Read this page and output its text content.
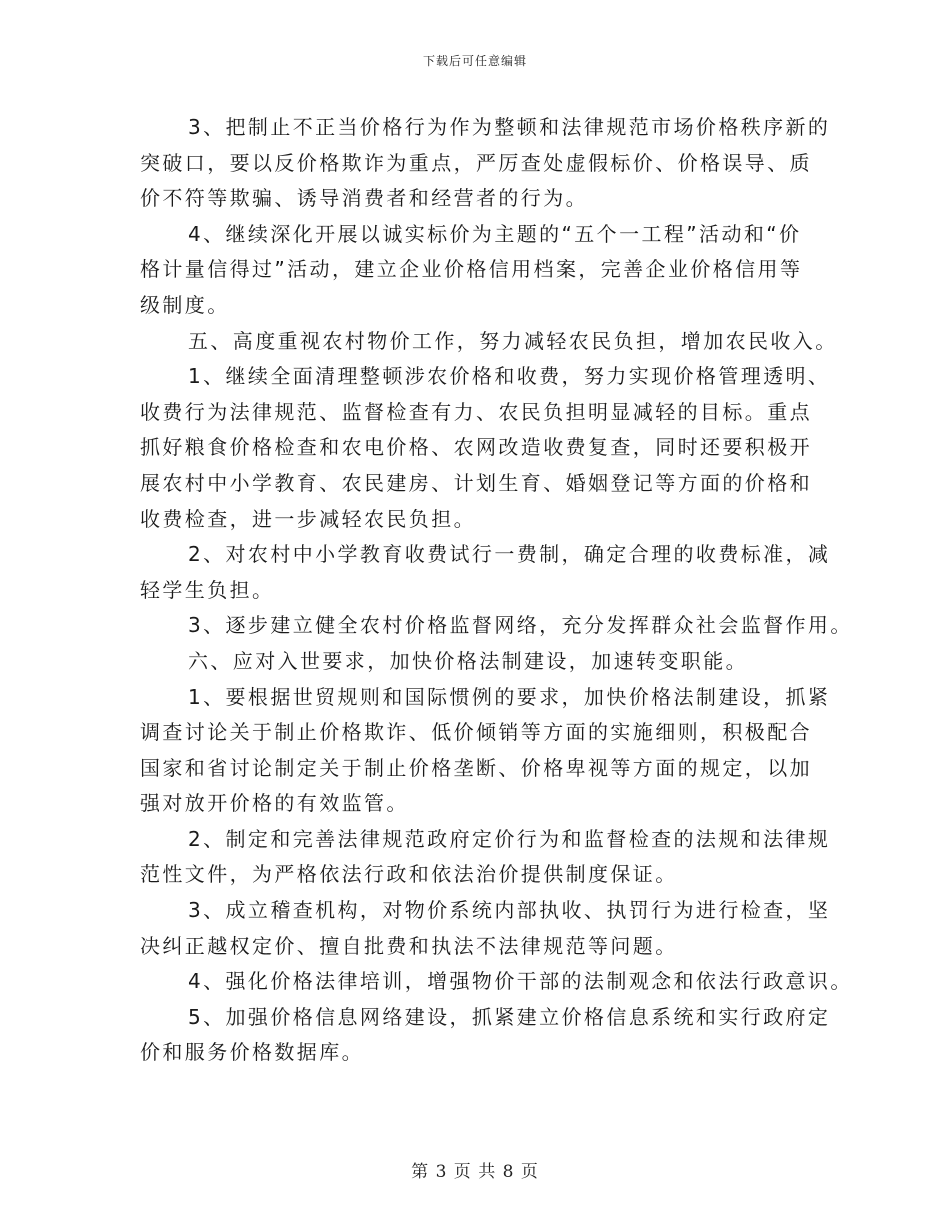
下载后可任意编辑
3、把制止不正当价格行为作为整顿和法律规范市场价格秩序新的
突破口，要以反价格欺诈为重点，严厉查处虚假标价、价格误导、质
价不符等欺骗、诱导消费者和经营者的行为。
4、继续深化开展以诚实标价为主题的“五个一工程”活动和“价
格计量信得过”活动，建立企业价格信用档案，完善企业价格信用等
级制度。
五、高度重视农村物价工作，努力减轻农民负担，增加农民收入。
1、继续全面清理整顿涉农价格和收费，努力实现价格管理透明、
收费行为法律规范、监督检查有力、农民负担明显减轻的目标。重点
抓好粮食价格检查和农电价格、农网改造收费复查，同时还要积极开
展农村中小学教育、农民建房、计划生育、婚姻登记等方面的价格和
收费检查，进一步减轻农民负担。
2、对农村中小学教育收费试行一费制，确定合理的收费标准，减
轻学生负担。
3、逐步建立健全农村价格监督网络，充分发挥群众社会监督作用。
六、应对入世要求，加快价格法制建设，加速转变职能。
1、要根据世贸规则和国际惯例的要求，加快价格法制建设，抓紧
调查讨论关于制止价格欺诈、低价倾销等方面的实施细则，积极配合
国家和省讨论制定关于制止价格垄断、价格卑视等方面的规定，以加
强对放开价格的有效监管。
2、制定和完善法律规范政府定价行为和监督检查的法规和法律规
范性文件，为严格依法行政和依法治价提供制度保证。
3、成立稽查机构，对物价系统内部执收、执罚行为进行检查，坚
决纠正越权定价、擅自批费和执法不法律规范等问题。
4、强化价格法律培训，增强物价干部的法制观念和依法行政意识。
5、加强价格信息网络建设，抓紧建立价格信息系统和实行政府定
价和服务价格数据库。
第 3 页 共 8 页
